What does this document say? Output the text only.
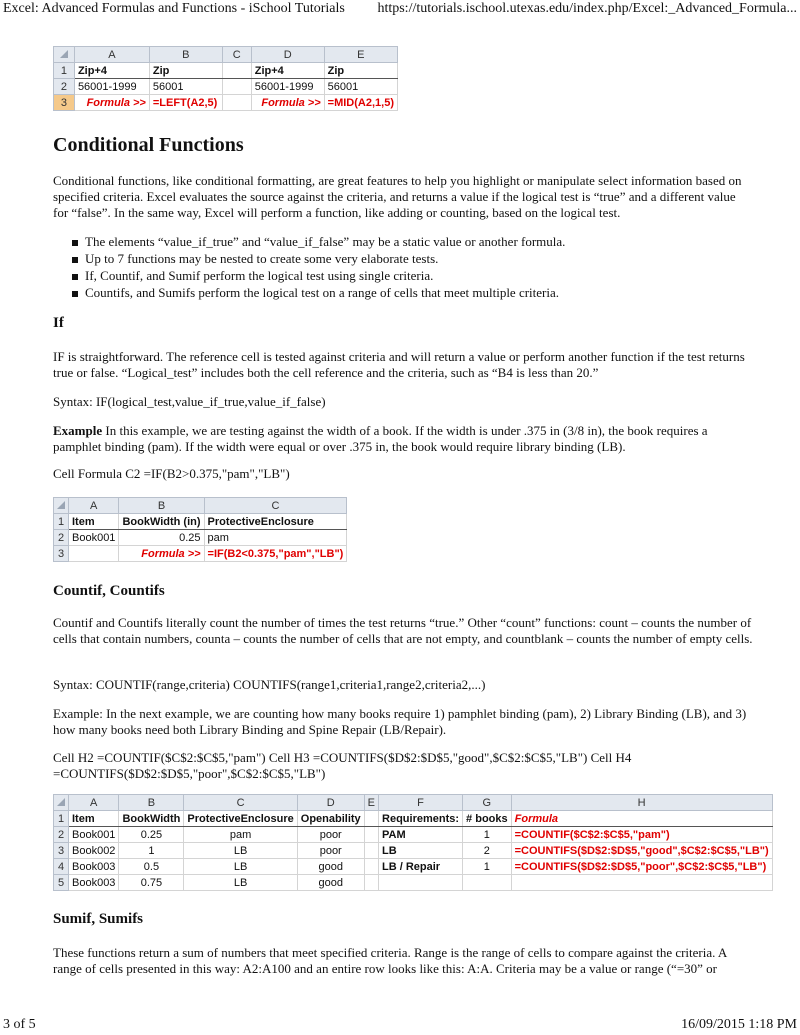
Excel: Advanced Formulas and Functions - iSchool Tutorials https://tutorials.ischool.utexas.edu/index.php/Excel:_Advanced_Formula...
	A	B	C	D	E
1	Zip+4	Zip		Zip+4	Zip
2	56001-1999	56001		56001-1999	56001
3	Formula >>	=LEFT(A2,5)		Formula >>	=MID(A2,1,5)
Conditional Functions

Conditional functions, like conditional formatting, are great features to help you highlight or manipulate select information based on specified criteria. Excel evaluates the source against the criteria, and returns a value if the logical test is “true” and a different value for “false”. In the same way, Excel will perform a function, like adding or counting, based on the logical test.

The elements “value_if_true” and “value_if_false” may be a static value or another formula.
Up to 7 functions may be nested to create some very elaborate tests.
If, Countif, and Sumif perform the logical test using single criteria.
Countifs, and Sumifs perform the logical test on a range of cells that meet multiple criteria.
If

IF is straightforward. The reference cell is tested against criteria and will return a value or perform another function if the test returns true or false. “Logical_test” includes both the cell reference and the criteria, such as “B4 is less than 20.”

Syntax: IF(logical_test,value_if_true,value_if_false)

Example In this example, we are testing against the width of a book. If the width is under .375 in (3/8 in), the book requires a pamphlet binding (pam). If the width were equal or over .375 in, the book would require library binding (LB).

Cell Formula C2 =IF(B2>0.375,"pam","LB")

	A	B	C
1	Item	BookWidth (in)	ProtectiveEnclosure
2	Book001	0.25	pam
3		Formula >>	=IF(B2<0.375,"pam","LB")
Countif, Countifs

Countif and Countifs literally count the number of times the test returns “true.” Other “count” functions: count – counts the number of cells that contain numbers, counta – counts the number of cells that are not empty, and countblank – counts the number of empty cells.

Syntax: COUNTIF(range,criteria) COUNTIFS(range1,criteria1,range2,criteria2,...)

Example: In the next example, we are counting how many books require 1) pamphlet binding (pam), 2) Library Binding (LB), and 3) how many books need both Library Binding and Spine Repair (LB/Repair).

Cell H2 =COUNTIF($C$2:$C$5,"pam") Cell H3 =COUNTIFS($D$2:$D$5,"good",$C$2:$C$5,"LB") Cell H4 =COUNTIFS($D$2:$D$5,"poor",$C$2:$C$5,"LB")

	A	B	C	D	E	F	G	H
1	Item	BookWidth	ProtectiveEnclosure	Openability		Requirements:	# books	Formula
2	Book001	0.25	pam	poor		PAM	1	=COUNTIF($C$2:$C$5,"pam")
3	Book002	1	LB	poor		LB	2	=COUNTIFS($D$2:$D$5,"good",$C$2:$C$5,"LB")
4	Book003	0.5	LB	good		LB / Repair	1	=COUNTIFS($D$2:$D$5,"poor",$C$2:$C$5,"LB")
5	Book003	0.75	LB	good				
Sumif, Sumifs

These functions return a sum of numbers that meet specified criteria. Range is the range of cells to compare against the criteria. A range of cells presented in this way: A2:A100 and an entire row looks like this: A:A. Criteria may be a value or range (“=30” or

3 of 5	16/09/2015 1:18 PM
